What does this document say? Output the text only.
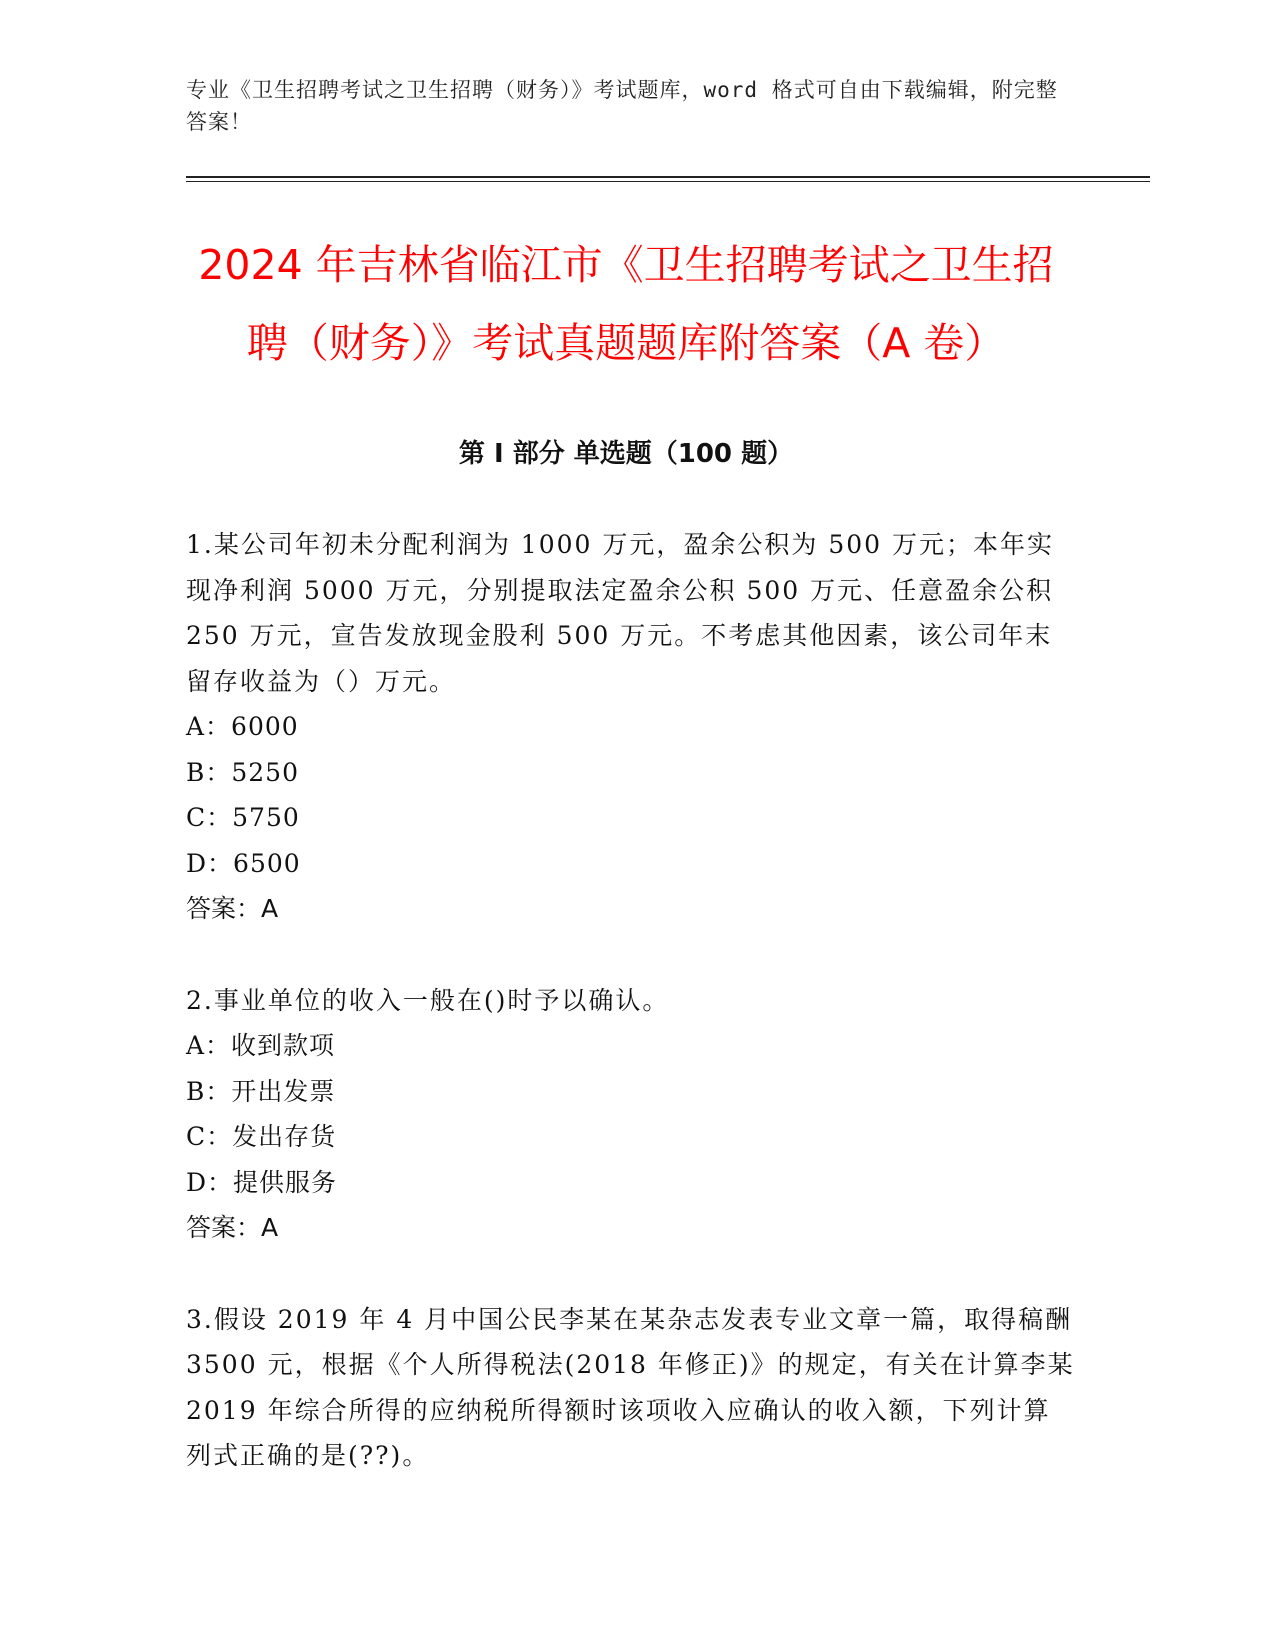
专业《卫生招聘考试之卫生招聘（财务）》考试题库，word 格式可自由下载编辑，附完整答案！
2024 年吉林省临江市《卫生招聘考试之卫生招聘（财务）》考试真题题库附答案（A 卷）
第 I 部分 单选题（100 题）

1.某公司年初未分配利润为 1000 万元，盈余公积为 500 万元；本年实现净利润 5000 万元，分别提取法定盈余公积 500 万元、任意盈余公积 250 万元，宣告发放现金股利 500 万元。不考虑其他因素，该公司年末留存收益为（）万元。

A：6000

B：5250

C：5750

D：6500

答案：A

2.事业单位的收入一般在()时予以确认。

A：收到款项

B：开出发票

C：发出存货

D：提供服务

答案：A

3.假设 2019 年 4 月中国公民李某在某杂志发表专业文章一篇，取得稿酬 3500 元，根据《个人所得税法(2018 年修正)》的规定，有关在计算李某 2019 年综合所得的应纳税所得额时该项收入应确认的收入额，下列计算列式正确的是(??)。
